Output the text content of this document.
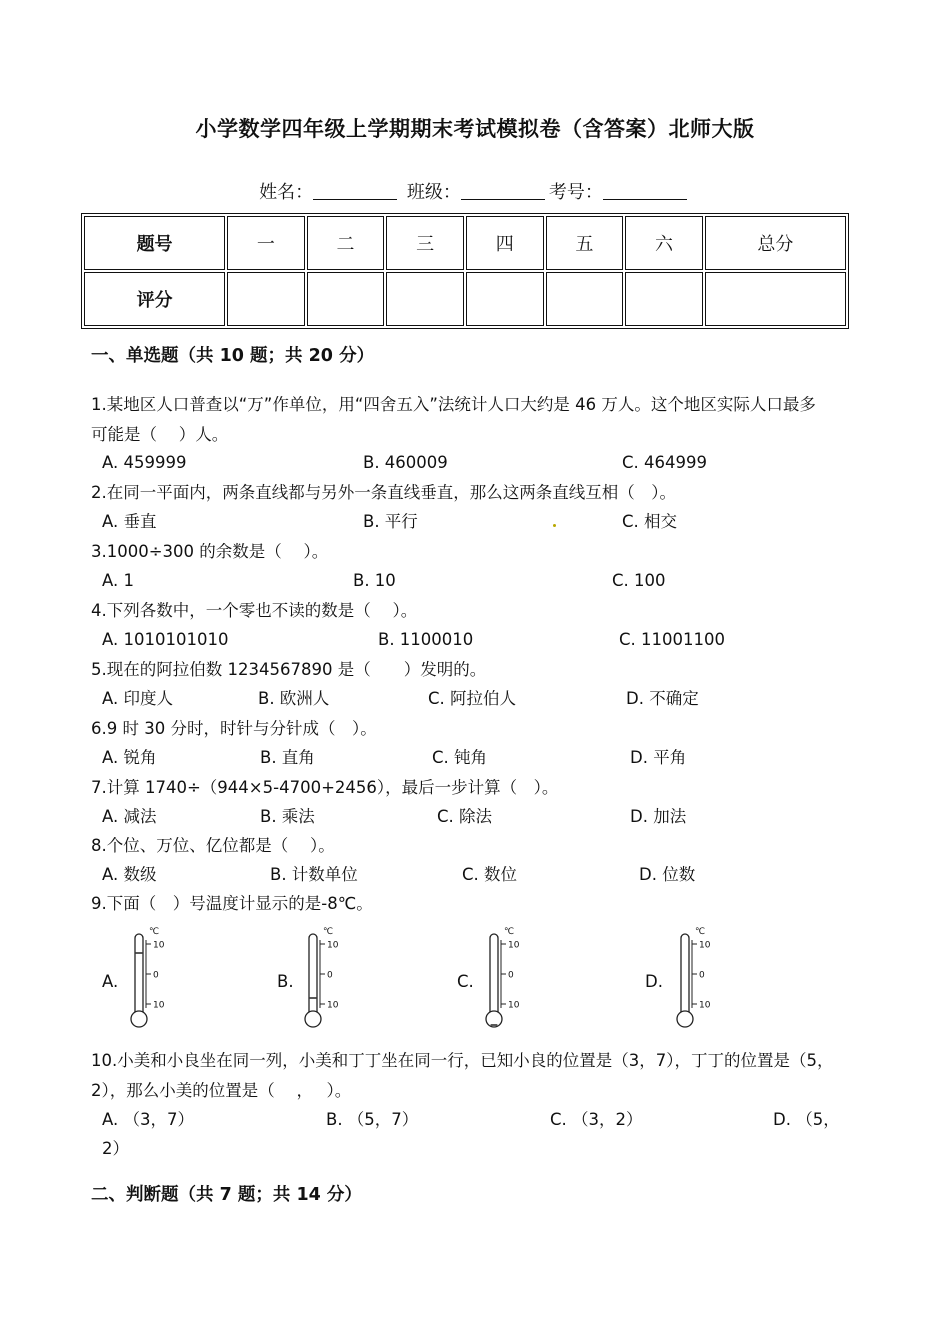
小学数学四年级上学期期末考试模拟卷（含答案）北师大版
姓名：	班级：	考号：
题号	一	二	三	四	五	六	总分
评分							
一、单选题（共 10 题；共 20 分）
1.某地区人口普查以“万”作单位，用“四舍五入”法统计人口大约是 46 万人。这个地区实际人口最多
可能是（　 ）人。
A. 459999	B. 460009	C. 464999
2.在同一平面内，两条直线都与另外一条直线垂直，那么这两条直线互相（　）。
A. 垂直	B. 平行	C. 相交
3.1000÷300 的余数是（　 ）。
A. 1	B. 10	C. 100
4.下列各数中，一个零也不读的数是（　 ）。
A. 1010101010	B. 1100010	C. 11001100
5.现在的阿拉伯数 1234567890 是（　　）发明的。
A. 印度人	B. 欧洲人	C. 阿拉伯人	D. 不确定
6.9 时 30 分时，时针与分针成（　）。
A. 锐角	B. 直角	C. 钝角	D. 平角
7.计算 1740÷（944×5-4700+2456），最后一步计算（　）。
A. 减法	B. 乘法	C. 除法	D. 加法
8.个位、万位、亿位都是（　 ）。
A. 数级	B. 计数单位	C. 数位	D. 位数
9.下面（　）号温度计显示的是-8℃。
A.	B.	C.	D.
10
0
10
℃
10
0
10
℃
10
0
10
℃
10
0
10
℃
10.小美和小良坐在同一列，小美和丁丁坐在同一行，已知小良的位置是（3，7），丁丁的位置是（5，
2），那么小美的位置是（　 ，　 ）。
A. （3，7）	B. （5，7）	C. （3，2）	D. （5，
2）
二、判断题（共 7 题；共 14 分）
